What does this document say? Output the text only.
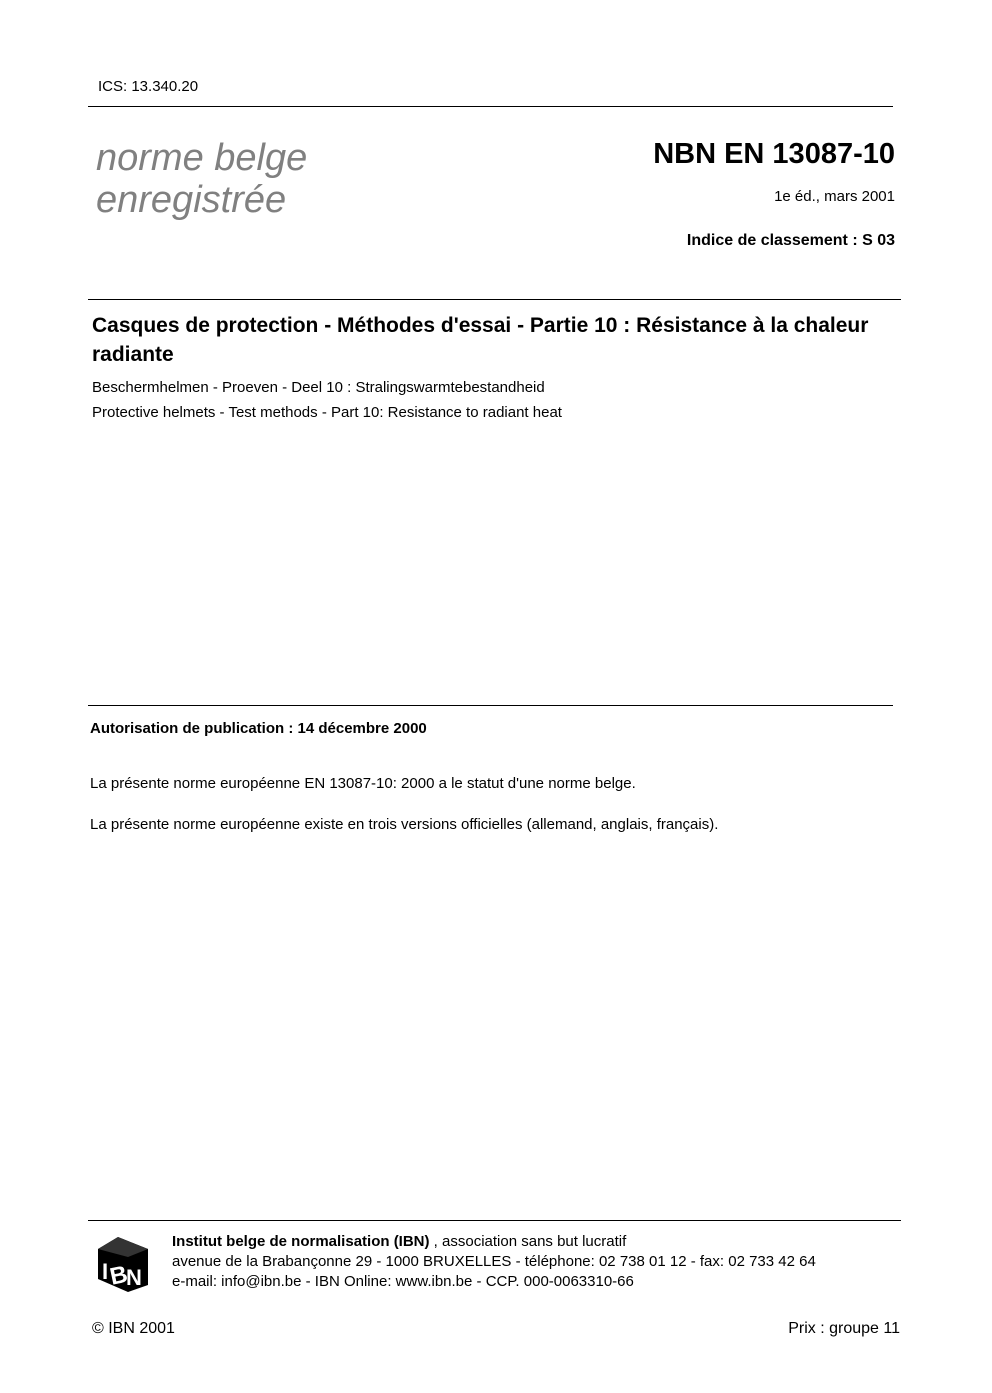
ICS: 13.340.20
norme belge
enregistrée
NBN EN 13087-10
1e éd., mars 2001
Indice de classement : S 03
Casques de protection - Méthodes d'essai - Partie 10 : Résistance à la chaleur radiante
Beschermhelmen - Proeven - Deel 10 : Stralingswarmtebestandheid
Protective helmets - Test methods - Part 10: Resistance to radiant heat
Autorisation de publication : 14 décembre 2000
La présente norme européenne EN 13087-10: 2000 a le statut d'une norme belge.
La présente norme européenne existe en trois versions officielles (allemand, anglais, français).
I B
N
Institut belge de normalisation (IBN) , association sans but lucratif
avenue de la Brabançonne 29 - 1000 BRUXELLES - téléphone: 02 738 01 12 - fax: 02 733 42 64
e-mail: info@ibn.be - IBN Online: www.ibn.be - CCP. 000-0063310-66
© IBN 2001	Prix : groupe 11
